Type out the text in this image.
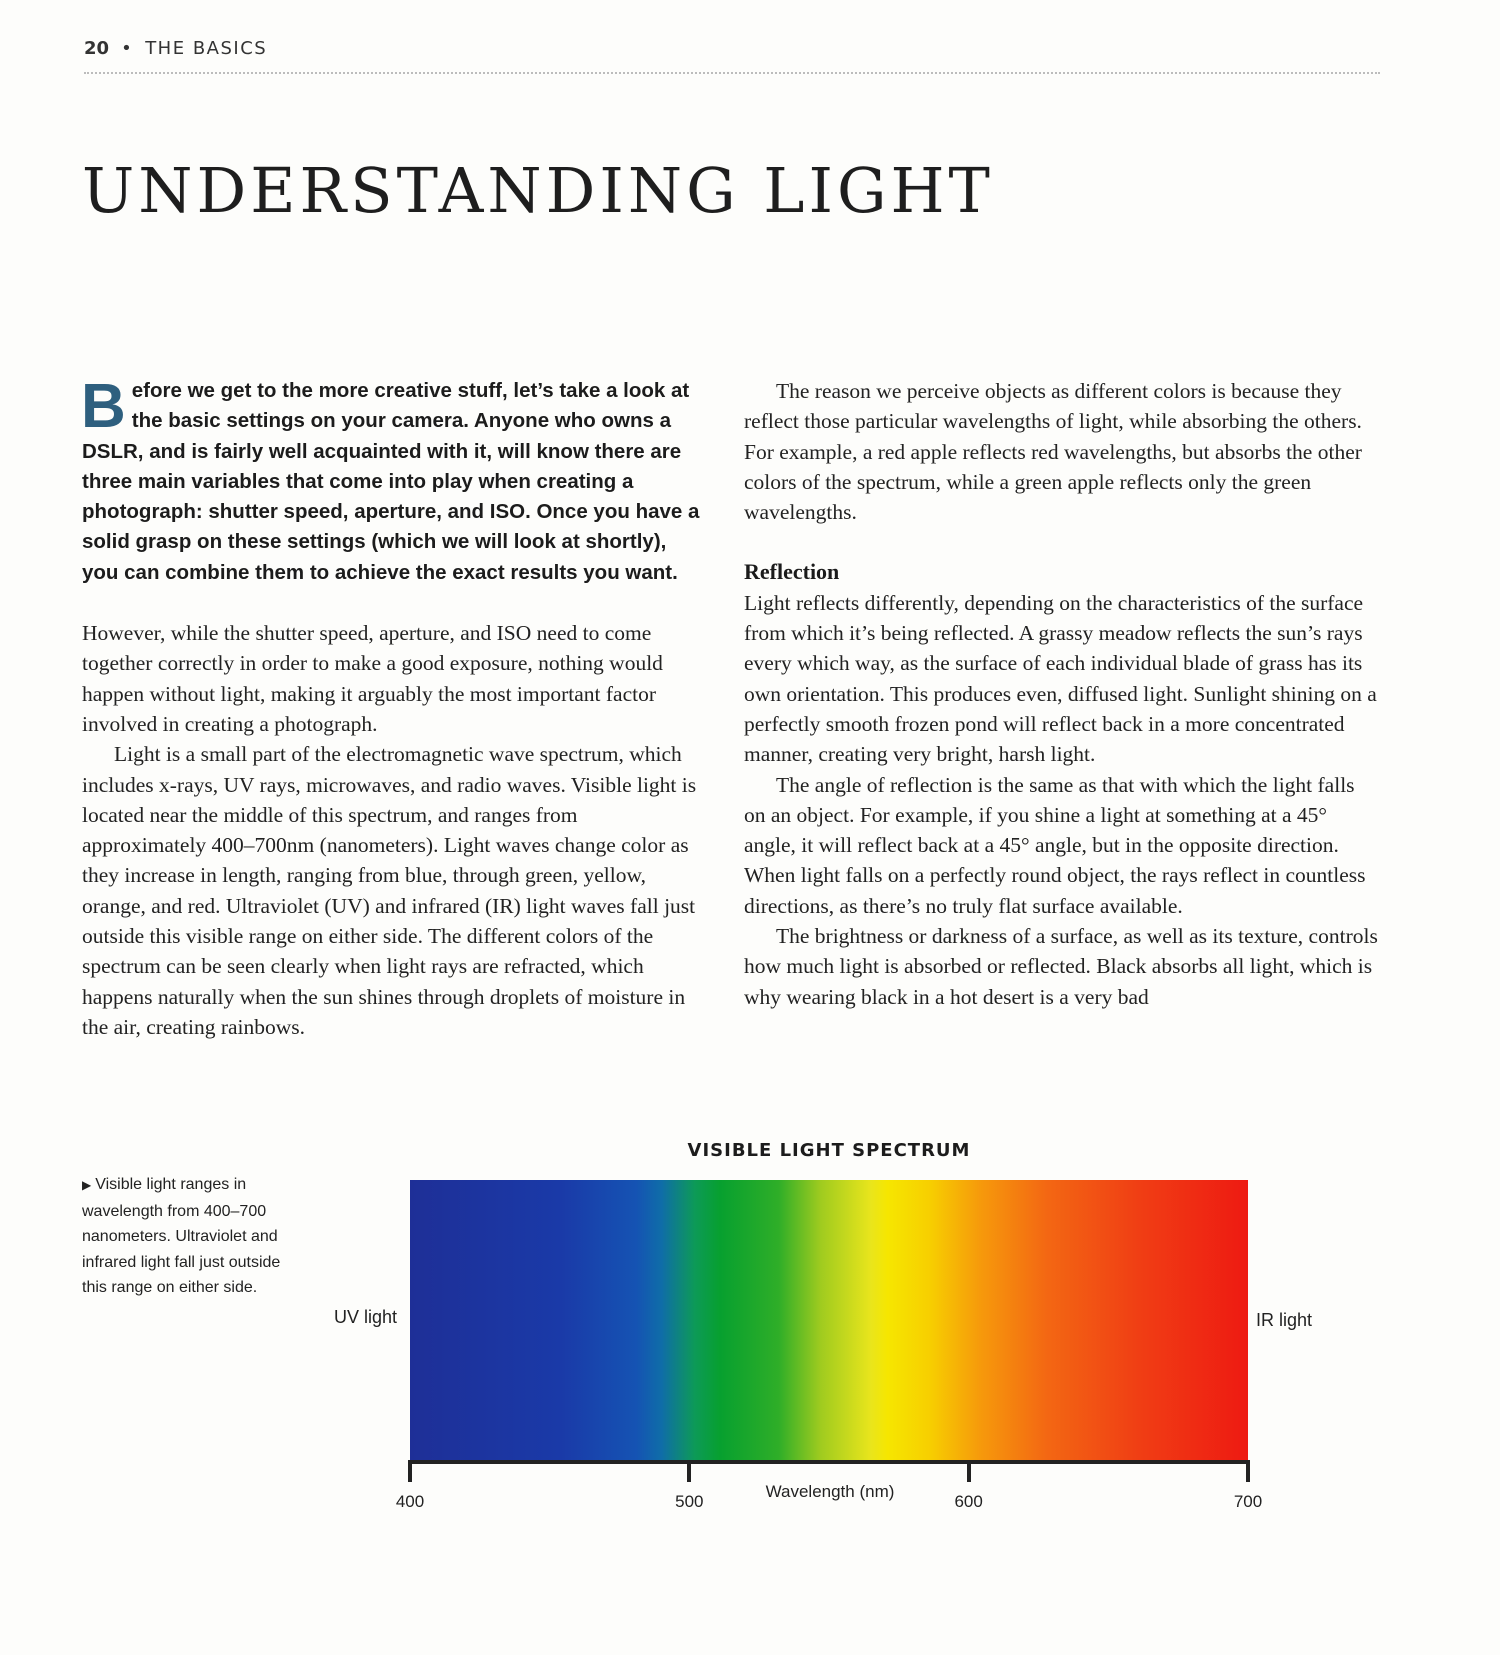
20 • THE BASICS
UNDERSTANDING LIGHT

Before we get to the more creative stuff, let’s take a look at the basic settings on your camera. Anyone who owns a DSLR, and is fairly well acquainted with it, will know there are three main variables that come into play when creating a photograph: shutter speed, aperture, and ISO. Once you have a solid grasp on these settings (which we will look at shortly), you can combine them to achieve the exact results you want.

However, while the shutter speed, aperture, and ISO need to come together correctly in order to make a good exposure, nothing would happen without light, making it arguably the most important factor involved in creating a photograph.

Light is a small part of the electromagnetic wave spectrum, which includes x-rays, UV rays, microwaves, and radio waves. Visible light is located near the middle of this spectrum, and ranges from approximately 400–700nm (nanometers). Light waves change color as they increase in length, ranging from blue, through green, yellow, orange, and red. Ultraviolet (UV) and infrared (IR) light waves fall just outside this visible range on either side. The different colors of the spectrum can be seen clearly when light rays are refracted, which happens naturally when the sun shines through droplets of moisture in the air, creating rainbows.

The reason we perceive objects as different colors is because they reflect those particular wavelengths of light, while absorbing the others. For example, a red apple reflects red wavelengths, but absorbs the other colors of the spectrum, while a green apple reflects only the green wavelengths.

Reflection

Light reflects differently, depending on the characteristics of the surface from which it’s being reflected. A grassy meadow reflects the sun’s rays every which way, as the surface of each individual blade of grass has its own orientation. This produces even, diffused light. Sunlight shining on a perfectly smooth frozen pond will reflect back in a more concentrated manner, creating very bright, harsh light.

The angle of reflection is the same as that with which the light falls on an object. For example, if you shine a light at something at a 45° angle, it will reflect back at a 45° angle, but in the opposite direction. When light falls on a perfectly round object, the rays reflect in countless directions, as there’s no truly flat surface available.

The brightness or darkness of a surface, as well as its texture, controls how much light is absorbed or reflected. Black absorbs all light, which is why wearing black in a hot desert is a very bad

▶ Visible light ranges in wavelength from 400–700 nanometers. Ultraviolet and infrared light fall just outside this range on either side.
VISIBLE LIGHT SPECTRUM
UV light	IR light
400	500	600	700
Wavelength (nm)
